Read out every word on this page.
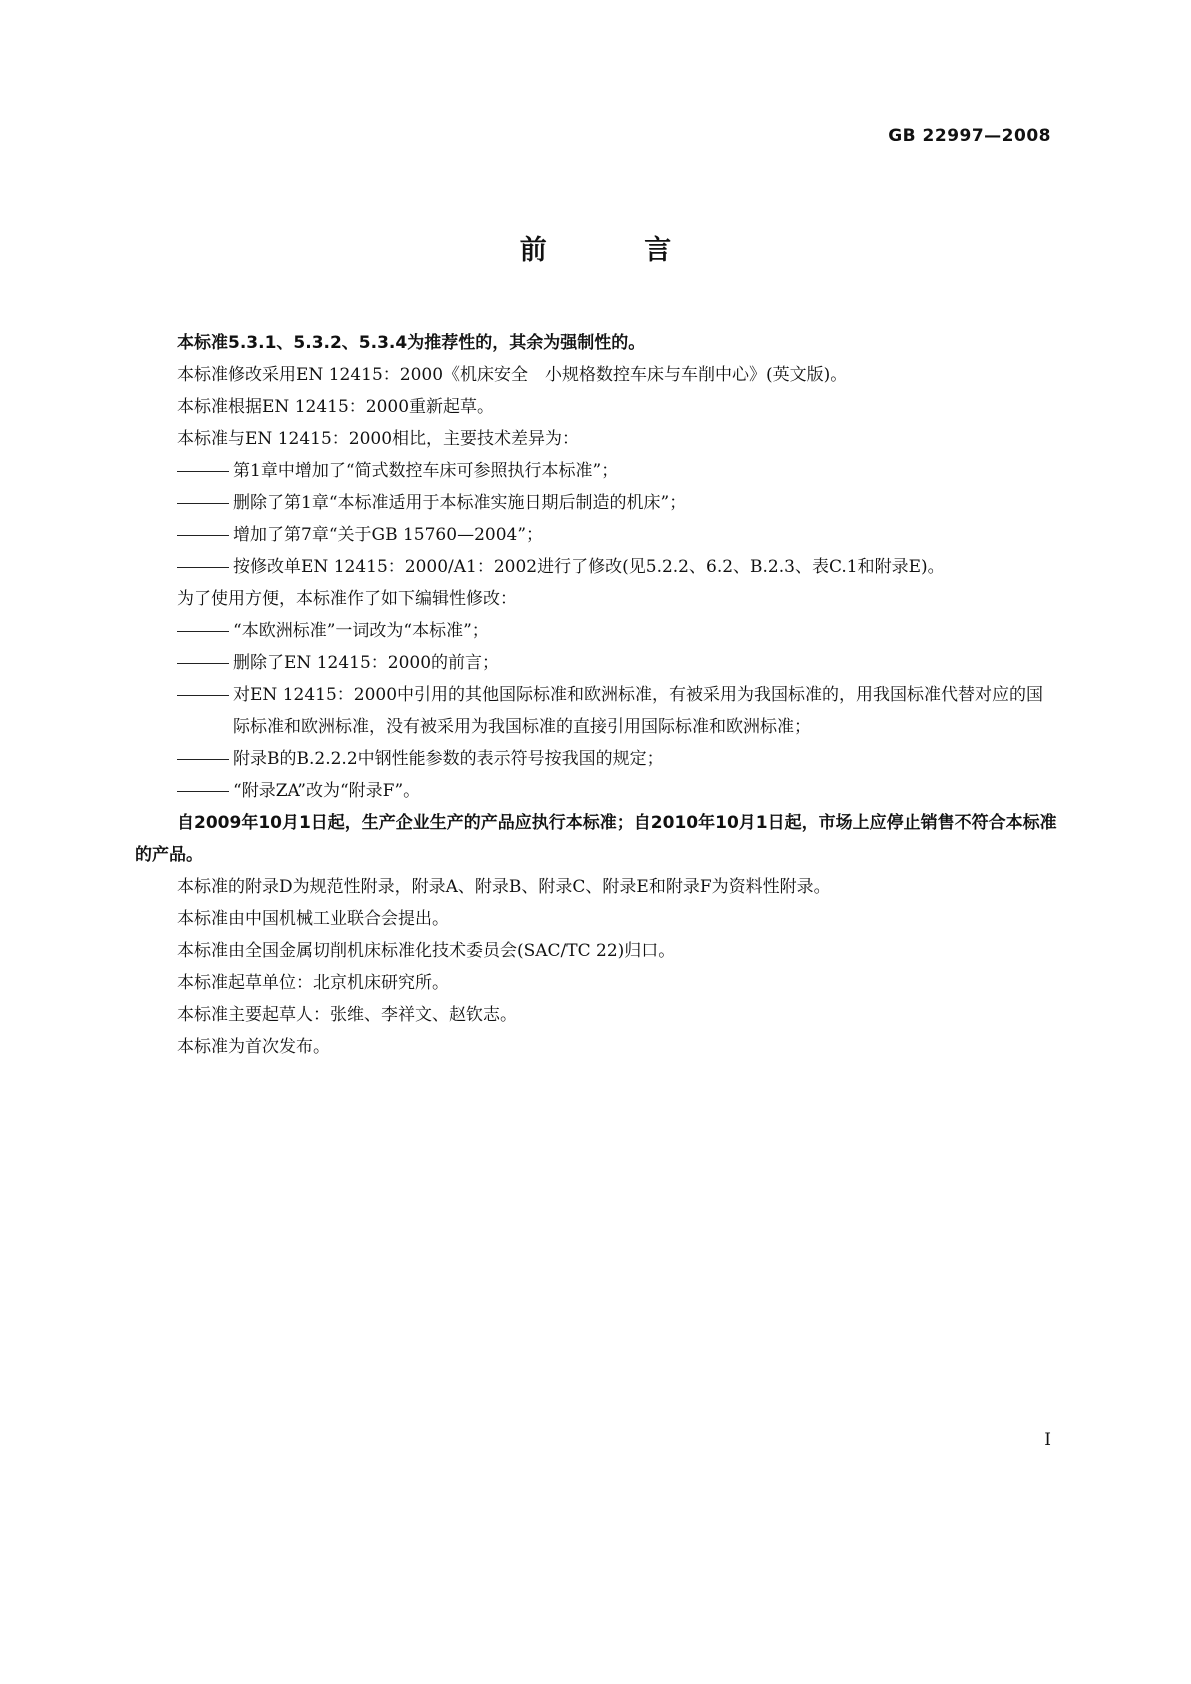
GB 22997—2008
前 言
本标准5.3.1、5.3.2、5.3.4为推荐性的，其余为强制性的。
本标准修改采用EN 12415：2000《机床安全　小规格数控车床与车削中心》(英文版)。
本标准根据EN 12415：2000重新起草。
本标准与EN 12415：2000相比，主要技术差异为：
第1章中增加了“简式数控车床可参照执行本标准”；
删除了第1章“本标准适用于本标准实施日期后制造的机床”；
增加了第7章“关于GB 15760—2004”；
按修改单EN 12415：2000/A1：2002进行了修改(见5.2.2、6.2、B.2.3、表C.1和附录E)。
为了使用方便，本标准作了如下编辑性修改：
“本欧洲标准”一词改为“本标准”；
删除了EN 12415：2000的前言；
对EN 12415：2000中引用的其他国际标准和欧洲标准，有被采用为我国标准的，用我国标准代替对应的国际标准和欧洲标准，没有被采用为我国标准的直接引用国际标准和欧洲标准；
附录B的B.2.2.2中钢性能参数的表示符号按我国的规定；
“附录ZA”改为“附录F”。
自2009年10月1日起，生产企业生产的产品应执行本标准；自2010年10月1日起，市场上应停止销售不符合本标准的产品。
本标准的附录D为规范性附录，附录A、附录B、附录C、附录E和附录F为资料性附录。
本标准由中国机械工业联合会提出。
本标准由全国金属切削机床标准化技术委员会(SAC/TC 22)归口。
本标准起草单位：北京机床研究所。
本标准主要起草人：张维、李祥文、赵钦志。
本标准为首次发布。
I
